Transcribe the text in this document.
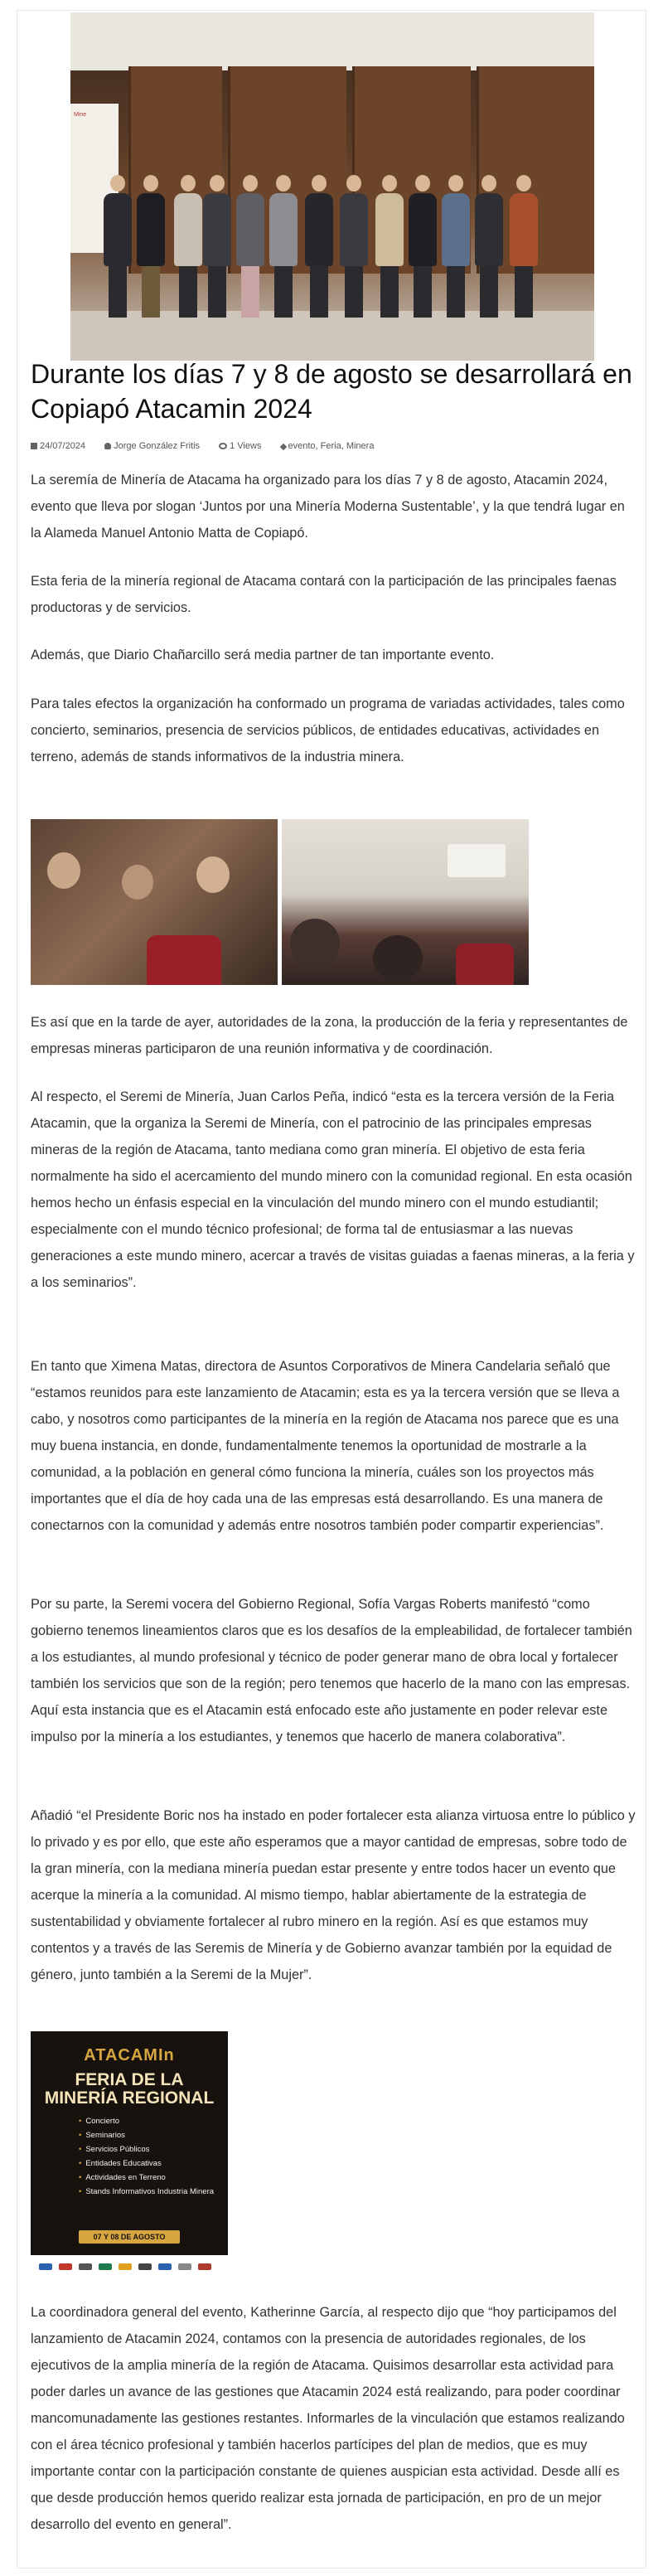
Mine
Durante los días 7 y 8 de agosto se desarrollará en Copiapó Atacamin 2024
24/07/2024	Jorge González Fritis	1 Views	evento, Feria, Minera

La seremía de Minería de Atacama ha organizado para los días 7 y 8 de agosto, Atacamin 2024, evento que lleva por slogan ‘Juntos por una Minería Moderna Sustentable’, y la que tendrá lugar en la Alameda Manuel Antonio Matta de Copiapó.

Esta feria de la minería regional de Atacama contará con la participación de las principales faenas productoras y de servicios.

Además, que Diario Chañarcillo será media partner de tan importante evento.

Para tales efectos la organización ha conformado un programa de variadas actividades, tales como concierto, seminarios, presencia de servicios públicos, de entidades educativas, actividades en terreno, además de stands informativos de la industria minera.

Es así que en la tarde de ayer, autoridades de la zona, la producción de la feria y representantes de empresas mineras participaron de una reunión informativa y de coordinación.

Al respecto, el Seremi de Minería, Juan Carlos Peña, indicó “esta es la tercera versión de la Feria Atacamin, que la organiza la Seremi de Minería, con el patrocinio de las principales empresas mineras de la región de Atacama, tanto mediana como gran minería. El objetivo de esta feria normalmente ha sido el acercamiento del mundo minero con la comunidad regional. En esta ocasión hemos hecho un énfasis especial en la vinculación del mundo minero con el mundo estudiantil; especialmente con el mundo técnico profesional; de forma tal de entusiasmar a las nuevas generaciones a este mundo minero, acercar a través de visitas guiadas a faenas mineras, a la feria y a los seminarios”.

En tanto que Ximena Matas, directora de Asuntos Corporativos de Minera Candelaria señaló que “estamos reunidos para este lanzamiento de Atacamin; esta es ya la tercera versión que se lleva a cabo, y nosotros como participantes de la minería en la región de Atacama nos parece que es una muy buena instancia, en donde, fundamentalmente tenemos la oportunidad de mostrarle a la comunidad, a la población en general cómo funciona la minería, cuáles son los proyectos más importantes que el día de hoy cada una de las empresas está desarrollando. Es una manera de conectarnos con la comunidad y además entre nosotros también poder compartir experiencias”.

Por su parte, la Seremi vocera del Gobierno Regional, Sofía Vargas Roberts manifestó “como gobierno tenemos lineamientos claros que es los desafíos de la empleabilidad, de fortalecer también a los estudiantes, al mundo profesional y técnico de poder generar mano de obra local y fortalecer también los servicios que son de la región; pero tenemos que hacerlo de la mano con las empresas. Aquí esta instancia que es el Atacamin está enfocado este año justamente en poder relevar este impulso por la minería a los estudiantes, y tenemos que hacerlo de manera colaborativa”.

Añadió “el Presidente Boric nos ha instado en poder fortalecer esta alianza virtuosa entre lo público y lo privado y es por ello, que este año esperamos que a mayor cantidad de empresas, sobre todo de la gran minería, con la mediana minería puedan estar presente y entre todos hacer un evento que acerque la minería a la comunidad. Al mismo tiempo, hablar abiertamente de la estrategia de sustentabilidad y obviamente fortalecer al rubro minero en la región. Así es que estamos muy contentos y a través de las Seremis de Minería y de Gobierno avanzar también por la equidad de género, junto también a la Seremi de la Mujer”.

ATACAMIn
FERIA DE LA
MINERÍA REGIONAL
• Concierto
• Seminarios
• Servicios Públicos
• Entidades Educativas
• Actividades en Terreno
• Stands Informativos Industria Minera
07 Y 08 DE AGOSTO

La coordinadora general del evento, Katherinne García, al respecto dijo que “hoy participamos del lanzamiento de Atacamin 2024, contamos con la presencia de autoridades regionales, de los ejecutivos de la amplia minería de la región de Atacama. Quisimos desarrollar esta actividad para poder darles un avance de las gestiones que Atacamin 2024 está realizando, para poder coordinar mancomunadamente las gestiones restantes. Informarles de la vinculación que estamos realizando con el área técnico profesional y también hacerlos partícipes del plan de medios, que es muy importante contar con la participación constante de quienes auspician esta actividad. Desde allí es que desde producción hemos querido realizar esta jornada de participación, en pro de un mejor desarrollo del evento en general”.
